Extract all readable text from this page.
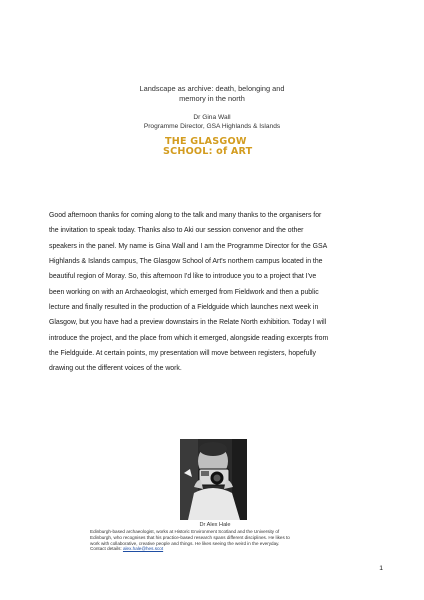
Landscape as archive: death, belonging and
memory in the north
Dr Gina Wall
Programme Director, GSA Highlands & Islands
THE GLASGOW
SCHOOL: of ART
Good afternoon thanks for coming along to the talk and many thanks to the organisers for
the invitation to speak today. Thanks also to Aki our session convenor and the other
speakers in the panel. My name is Gina Wall and I am the Programme Director for the GSA
Highlands & Islands campus, The Glasgow School of Art's northern campus located in the
beautiful region of Moray. So, this afternoon I'd like to introduce you to a project that I've
been working on with an Archaeologist, which emerged from Fieldwork and then a public
lecture and finally resulted in the production of a Fieldguide which launches next week in
Glasgow, but you have had a preview downstairs in the Relate North exhibition. Today I will
introduce the project, and the place from which it emerged, alongside reading excerpts from
the Fieldguide. At certain points, my presentation will move between registers, hopefully
drawing out the different voices of the work.
Dr Alex Hale
Edinburgh-based archaeologist, works at Historic Environment Scotland and the University of
Edinburgh, who recognises that his practice-based research spans different disciplines. He likes to
work with collaborative, creative people and things. He likes seeing the weird in the everyday.
Contact details: alex.hale@hes.scot
1
